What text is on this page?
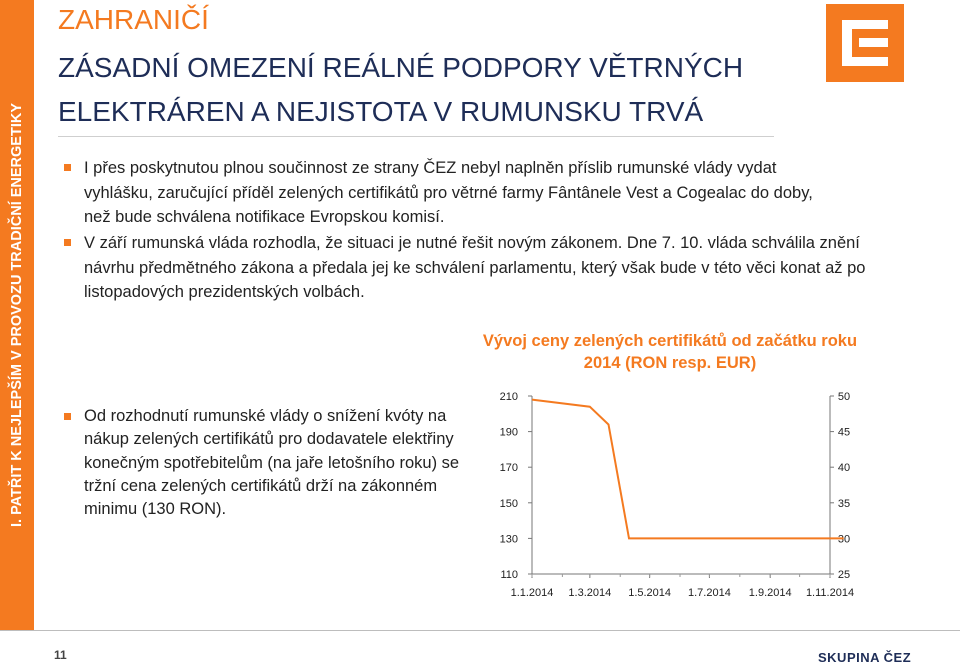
I. PATŘIT K NEJLEPŠÍM V PROVOZU TRADIČNÍ ENERGETIKY
ZAHRANIČÍ
ZÁSADNÍ OMEZENÍ REÁLNÉ PODPORY VĚTRNÝCH ELEKTRÁREN A NEJISTOTA V RUMUNSKU TRVÁ
I přes poskytnutou plnou součinnost ze strany ČEZ nebyl naplněn příslib rumunské vlády vydat vyhlášku, zaručující příděl zelených certifikátů pro větrné farmy Fântânele Vest a Cogealac do doby, než bude schválena notifikace Evropskou komisí.
V září rumunská vláda rozhodla, že situaci je nutné řešit novým zákonem. Dne 7. 10. vláda schválila znění návrhu předmětného zákona a předala jej ke schválení parlamentu, který však bude v této věci konat až po listopadových prezidentských volbách.
Od rozhodnutí rumunské vlády o snížení kvóty na nákup zelených certifikátů pro dodavatele elektřiny konečným spotřebitelům (na jaře letošního roku) se tržní cena zelených certifikátů drží na zákonném minimu (130 RON).
Vývoj ceny zelených certifikátů od začátku roku 2014 (RON resp. EUR)
110
130
150
170
190
210
25
30
35
40
45
50
1.1.2014 1.3.2014 1.5.2014 1.7.2014 1.9.2014 1.11.2014
11	SKUPINA ČEZ
